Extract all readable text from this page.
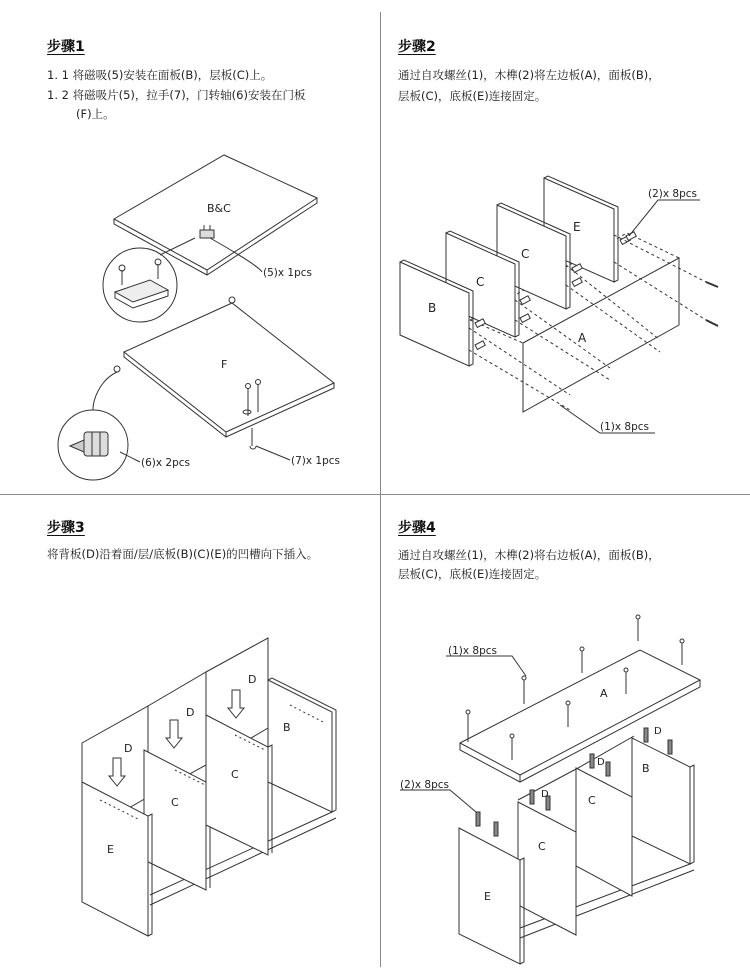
步骤1
1. 1 将磁吸(5)安装在面板(B)，层板(C)上。
1. 2 将磁吸片(5)，拉手(7)，门转轴(6)安装在门板
(F)上。
步骤2
通过自攻螺丝(1)，木榫(2)将左边板(A)，面板(B)，
层板(C)，底板(E)连接固定。
步骤3
将背板(D)沿着面/层/底板(B)(C)(E)的凹槽向下插入。
步骤4
通过自攻螺丝(1)，木榫(2)将右边板(A)，面板(B)，
层板(C)，底板(E)连接固定。
B&C
F
(5)x 1pcs
(6)x 2pcs	(7)x 1pcs
B
C
C
E
A
(2)x 8pcs
(1)x 8pcs
D
D
D
E
C
C
B
(1)x 8pcs
(2)x 8pcs
A
D
D
D
B
C
C
E
